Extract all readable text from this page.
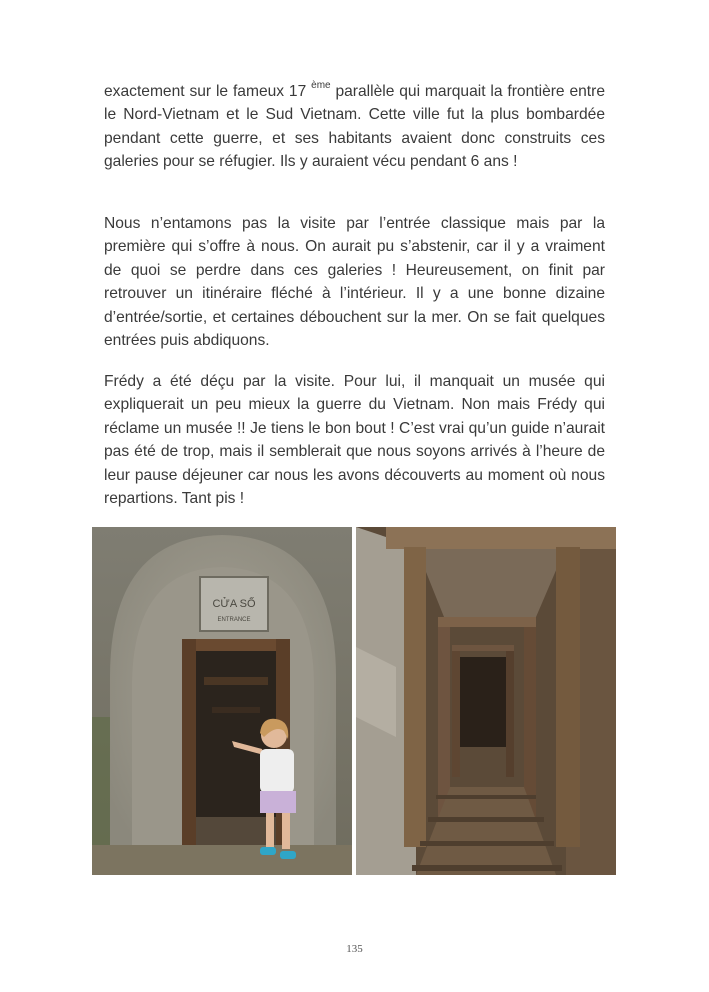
exactement sur le fameux 17 $^{ème}$ parallèle qui marquait la frontière entre le Nord-Vietnam et le Sud Vietnam. Cette ville fut la plus bombardée pendant cette guerre, et ses habitants avaient donc construits ces galeries pour se réfugier. Ils y auraient vécu pendant 6 ans !

Nous n’entamons pas la visite par l’entrée classique mais par la première qui s’offre à nous. On aurait pu s’abstenir, car il y a vraiment de quoi se perdre dans ces galeries ! Heureusement, on finit par retrouver un itinéraire fléché à l’intérieur. Il y a une bonne dizaine d’entrée/sortie, et certaines débouchent sur la mer. On se fait quelques entrées puis abdiquons.

Frédy a été déçu par la visite. Pour lui, il manquait un musée qui expliquerait un peu mieux la guerre du Vietnam. Non mais Frédy qui réclame un musée !! Je tiens le bon bout ! C’est vrai qu’un guide n’aurait pas été de trop, mais il semblerait que nous soyons arrivés à l’heure de leur pause déjeuner car nous les avons découverts au moment où nous repartions. Tant pis !

CỬA SỐ
ENTRANCE
135
